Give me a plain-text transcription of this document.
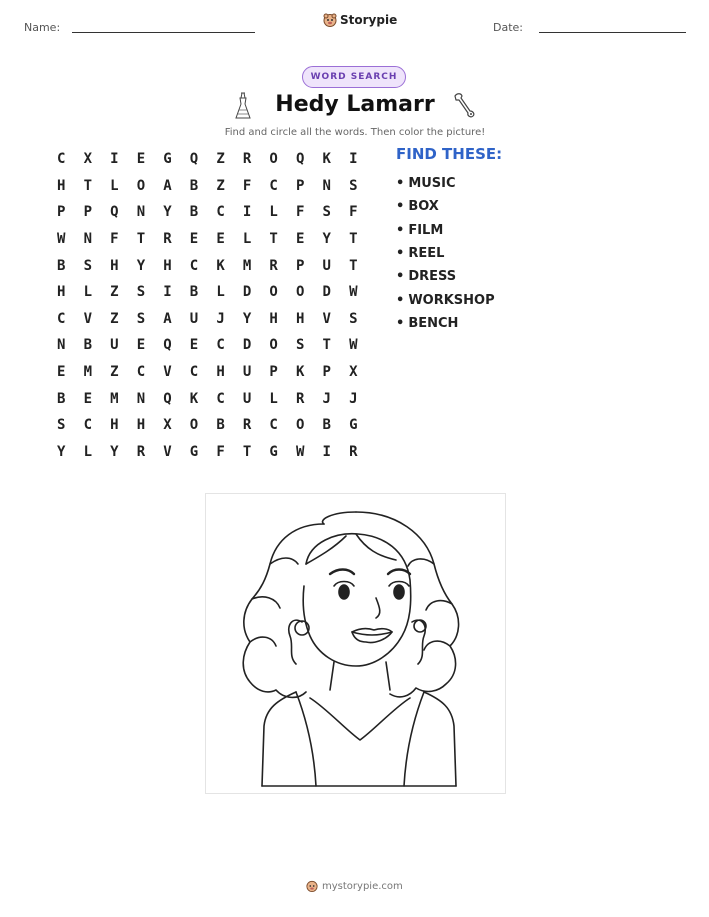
Name:
Storypie
Date:
WORD SEARCH
Hedy Lamarr
Find and circle all the words. Then color the picture!
C	X	I	E	G	Q	Z	R	O	Q	K	I
H	T	L	O	A	B	Z	F	C	P	N	S
P	P	Q	N	Y	B	C	I	L	F	S	F
W	N	F	T	R	E	E	L	T	E	Y	T
B	S	H	Y	H	C	K	M	R	P	U	T
H	L	Z	S	I	B	L	D	O	O	D	W
C	V	Z	S	A	U	J	Y	H	H	V	S
N	B	U	E	Q	E	C	D	O	S	T	W
E	M	Z	C	V	C	H	U	P	K	P	X
B	E	M	N	Q	K	C	U	L	R	J	J
S	C	H	H	X	O	B	R	C	O	B	G
Y	L	Y	R	V	G	F	T	G	W	I	R
FIND THESE:
• MUSIC
• BOX
• FILM
• REEL
• DRESS
• WORKSHOP
• BENCH
mystorypie.com
